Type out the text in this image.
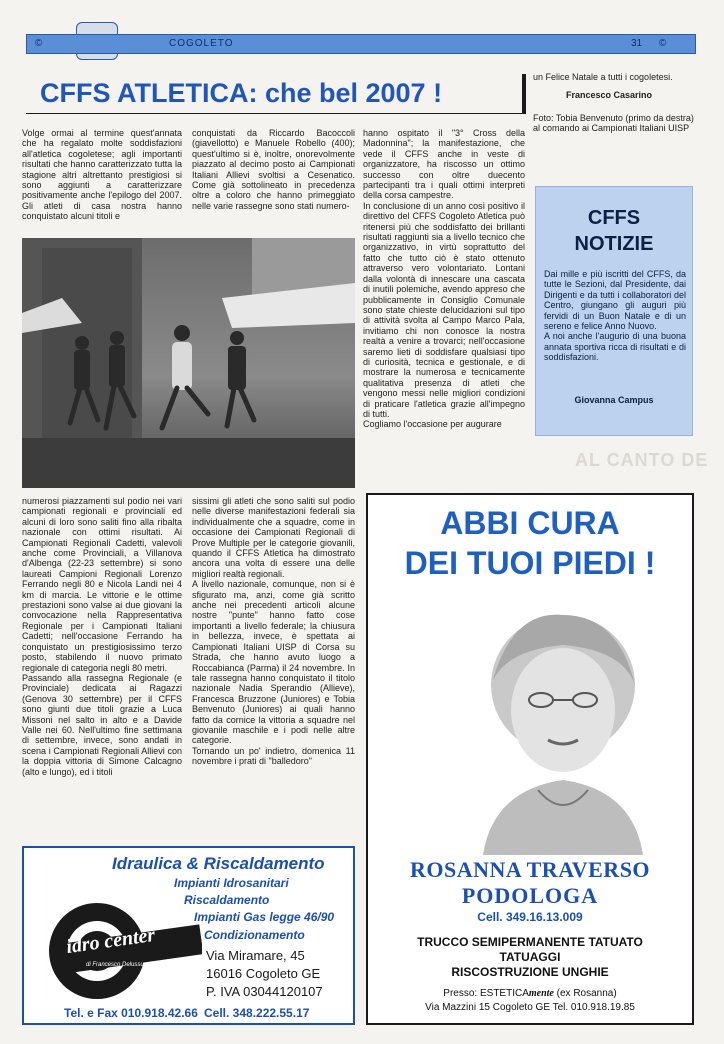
©	COGOLETO	31 ©
CFFS ATLETICA: che bel 2007 !
Volge ormai al termine quest'annata che ha regalato molte soddisfazioni all'atletica cogoletese; agli importanti risultati che hanno caratterizzato tutta la stagione altri altrettanto prestigiosi si sono aggiunti a caratterizzare positivamente anche l'epilogo del 2007. Gli atleti di casa nostra hanno conquistato alcuni titoli e
conquistati da Riccardo Bacoccoli (giavellotto) e Manuele Robello (400); quest'ultimo si è, inoltre, onorevolmente piazzato al decimo posto ai Campionati Italiani Allievi svoltisi a Cesenatico. Come già sottolineato in precedenza oltre a coloro che hanno primeggiato nelle varie rassegne sono stati numero-
hanno ospitato il "3° Cross della Madonnina"; la manifestazione, che vede il CFFS anche in veste di organizzatore, ha riscosso un ottimo successo con oltre duecento partecipanti tra i quali ottimi interpreti della corsa campestre.
In conclusione di un anno così positivo il direttivo del CFFS Cogoleto Atletica può ritenersi più che soddisfatto dei brillanti risultati raggiunti sia a livello tecnico che organizzativo, in virtù soprattutto del fatto che tutto ciò è stato ottenuto attraverso vero volontariato. Lontani dalla volontà di innescare una cascata di inutili polemiche, avendo appreso che pubblicamente in Consiglio Comunale sono state chieste delucidazioni sul tipo di attività svolta al Campo Marco Pala, invitiamo chi non conosce la nostra realtà a venire a trovarci; nell'occasione saremo lieti di soddisfare qualsiasi tipo di curiosità, tecnica e gestionale, e di mostrare la numerosa e tecnicamente qualitativa presenza di atleti che vengono messi nelle migliori condizioni di praticare l'atletica grazie all'impegno di tutti.
Cogliamo l'occasione per augurare
un Felice Natale a tutti i cogoletesi.
Francesco Casarino
Foto: Tobia Benvenuto (primo da destra) al comando ai Campionati Italiani UISP
numerosi piazzamenti sul podio nei vari campionati regionali e provinciali ed alcuni di loro sono saliti fino alla ribalta nazionale con ottimi risultati. Ai Campionati Regionali Cadetti, valevoli anche come Provinciali, a Villanova d'Albenga (22-23 settembre) si sono laureati Campioni Regionali Lorenzo Ferrando negli 80 e Nicola Landi nei 4 km di marcia. Le vittorie e le ottime prestazioni sono valse ai due giovani la convocazione nella Rappresentativa Regionale per i Campionati Italiani Cadetti; nell'occasione Ferrando ha conquistato un prestigiosissimo terzo posto, stabilendo il nuovo primato regionale di categoria negli 80 metri.
Passando alla rassegna Regionale (e Provinciale) dedicata ai Ragazzi (Genova 30 settembre) per il CFFS sono giunti due titoli grazie a Luca Missoni nel salto in alto e a Davide Valle nei 60. Nell'ultimo fine settimana di settembre, invece, sono andati in scena i Campionati Regionali Allievi con la doppia vittoria di Simone Calcagno (alto e lungo), ed i titoli
sissimi gli atleti che sono saliti sul podio nelle diverse manifestazioni federali sia individualmente che a squadre, come in occasione dei Campionati Regionali di Prove Multiple per le categorie giovanili, quando il CFFS Atletica ha dimostrato ancora una volta di essere una delle migliori realtà regionali.
A livello nazionale, comunque, non si è sfigurato ma, anzi, come già scritto anche nei precedenti articoli alcune nostre "punte" hanno fatto cose importanti a livello federale; la chiusura in bellezza, invece, è spettata ai Campionati Italiani UISP di Corsa su Strada, che hanno avuto luogo a Roccabianca (Parma) il 24 novembre. In tale rassegna hanno conquistato il titolo nazionale Nadia Sperandio (Allieve), Francesca Bruzzone (Juniores) e Tobia Benvenuto (Juniores) ai quali hanno fatto da cornice la vittoria a squadre nel giovanile maschile e i podi nelle altre categorie.
Tornando un po' indietro, domenica 11 novembre i prati di "balledoro"
CFFS
NOTIZIE
Dai mille e più iscritti del CFFS, da tutte le Sezioni, dal Presidente, dai Dirigenti e da tutti i collaboratori del Centro, giungano gli auguri più fervidi di un Buon Natale e di un sereno e felice Anno Nuovo.
A noi anche l'augurio di una buona annata sportiva ricca di risultati e di soddisfazioni.
Giovanna Campus
AL CANTO DE
ABBI CURA
DEI TUOI PIEDI !
ROSANNA TRAVERSO
PODOLOGA
Cell. 349.16.13.009
TRUCCO SEMIPERMANENTE TATUATO
TATUAGGI
RISCOSTRUZIONE UNGHIE
Presso: ESTETICAmente (ex Rosanna)
Via Mazzini 15 Cogoleto GE Tel. 010.918.19.85
Idraulica & Riscaldamento
idro center
di Francesco Delussu
Impianti Idrosanitari
Riscaldamento
Impianti Gas legge 46/90
Condizionamento
Via Miramare, 45
16016 Cogoleto GE
P. IVA 03044120107
Tel. e Fax 010.918.42.66 Cell. 348.222.55.17
